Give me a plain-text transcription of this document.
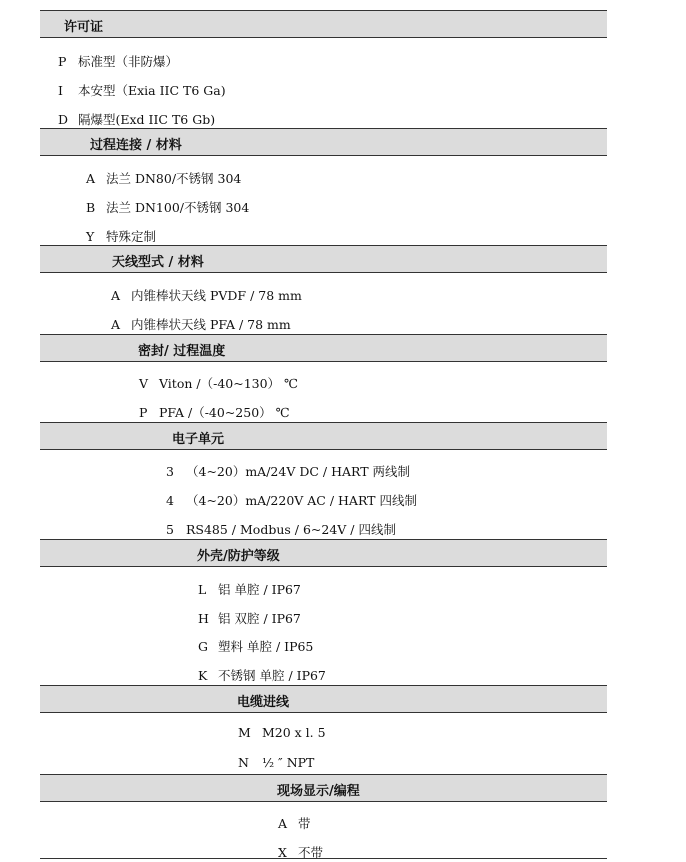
许可证
P 标准型（非防爆）
I 本安型（Exia IIC T6 Ga)
D 隔爆型(Exd IIC T6 Gb)
过程连接 / 材料
A 法兰 DN80/不锈钢 304
B 法兰 DN100/不锈钢 304
Y 特殊定制
天线型式 / 材料
A 内锥棒状天线 PVDF / 78 mm
A 内锥棒状天线 PFA / 78 mm
密封/ 过程温度
V Viton /（-40~130） ℃
P PFA /（-40~250） ℃
电子单元
3 （4~20）mA/24V DC / HART 两线制
4 （4~20）mA/220V AC / HART 四线制
5 RS485 / Modbus / 6~24V / 四线制
外壳/防护等级
L 铝 单腔 / IP67
H 铝 双腔 / IP67
G 塑料 单腔 / IP65
K 不锈钢 单腔 / IP67
电缆进线
M M20 x l. 5
N ½ ″ NPT
现场显示/编程
A 带
X 不带
